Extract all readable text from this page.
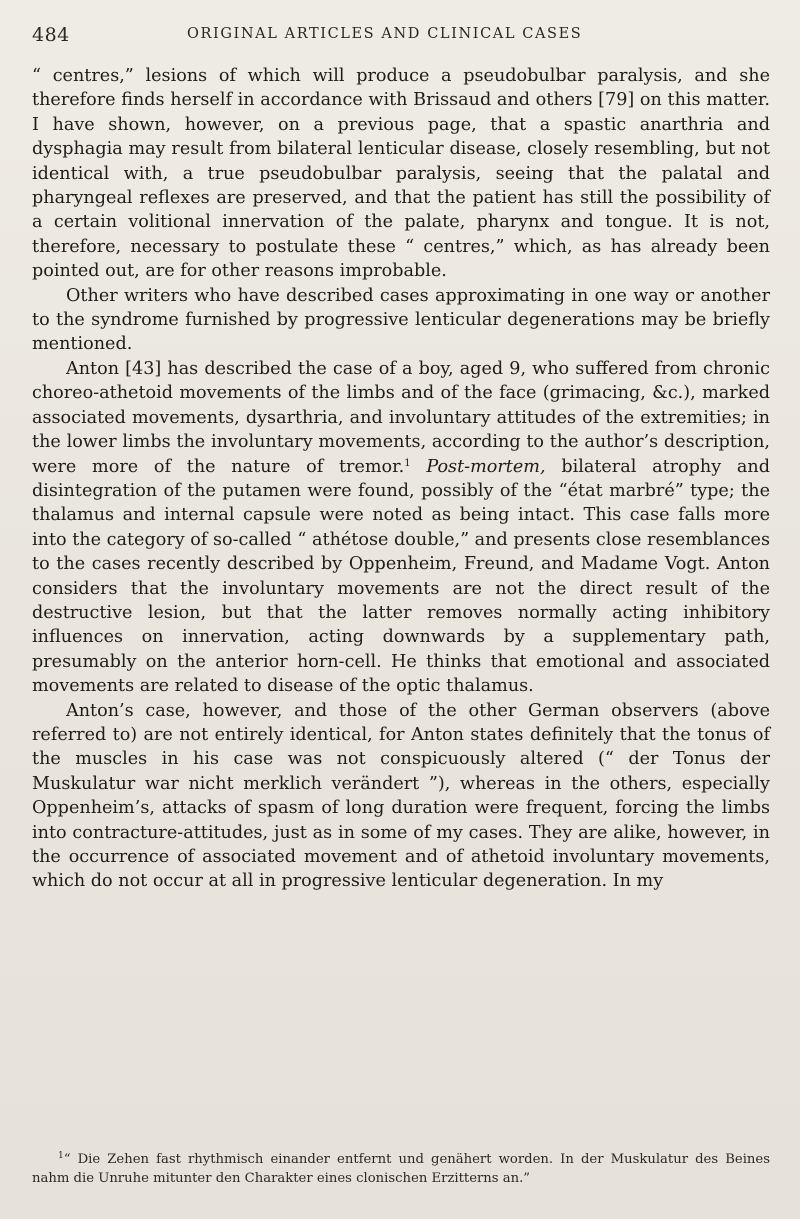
484	ORIGINAL ARTICLES AND CLINICAL CASES

“ centres,” lesions of which will produce a pseudobulbar paralysis, and she therefore finds herself in accordance with Brissaud and others [79] on this matter. I have shown, however, on a previous page, that a spastic anarthria and dysphagia may result from bilateral lenticular disease, closely resembling, but not identical with, a true pseudobulbar paralysis, seeing that the palatal and pharyngeal reflexes are preserved, and that the patient has still the possibility of a certain volitional innervation of the palate, pharynx and tongue. It is not, therefore, necessary to postulate these “ centres,” which, as has already been pointed out, are for other reasons improbable.

Other writers who have described cases approximating in one way or another to the syndrome furnished by progressive lenticular degenerations may be briefly mentioned.

Anton [43] has described the case of a boy, aged 9, who suffered from chronic choreo-athetoid movements of the limbs and of the face (grimacing, &c.), marked associated movements, dysarthria, and involuntary attitudes of the extremities; in the lower limbs the involuntary movements, according to the author’s description, were more of the nature of tremor.$^1$ Post-mortem, bilateral atrophy and disintegration of the putamen were found, possibly of the “état marbré” type; the thalamus and internal capsule were noted as being intact. This case falls more into the category of so-called “ athétose double,” and presents close resemblances to the cases recently described by Oppenheim, Freund, and Madame Vogt. Anton considers that the involuntary movements are not the direct result of the destructive lesion, but that the latter removes normally acting inhibitory influences on innervation, acting downwards by a supplementary path, presumably on the anterior horn-cell. He thinks that emotional and associated movements are related to disease of the optic thalamus.

Anton’s case, however, and those of the other German observers (above referred to) are not entirely identical, for Anton states definitely that the tonus of the muscles in his case was not conspicuously altered (“ der Tonus der Muskulatur war nicht merklich verändert ”), whereas in the others, especially Oppenheim’s, attacks of spasm of long duration were frequent, forcing the limbs into contracture-attitudes, just as in some of my cases. They are alike, however, in the occurrence of associated movement and of athetoid involuntary movements, which do not occur at all in progressive lenticular degeneration. In my

$^1$“ Die Zehen fast rhythmisch einander entfernt und genähert worden. In der Muskulatur des Beines nahm die Unruhe mitunter den Charakter eines clonischen Erzitterns an.”
